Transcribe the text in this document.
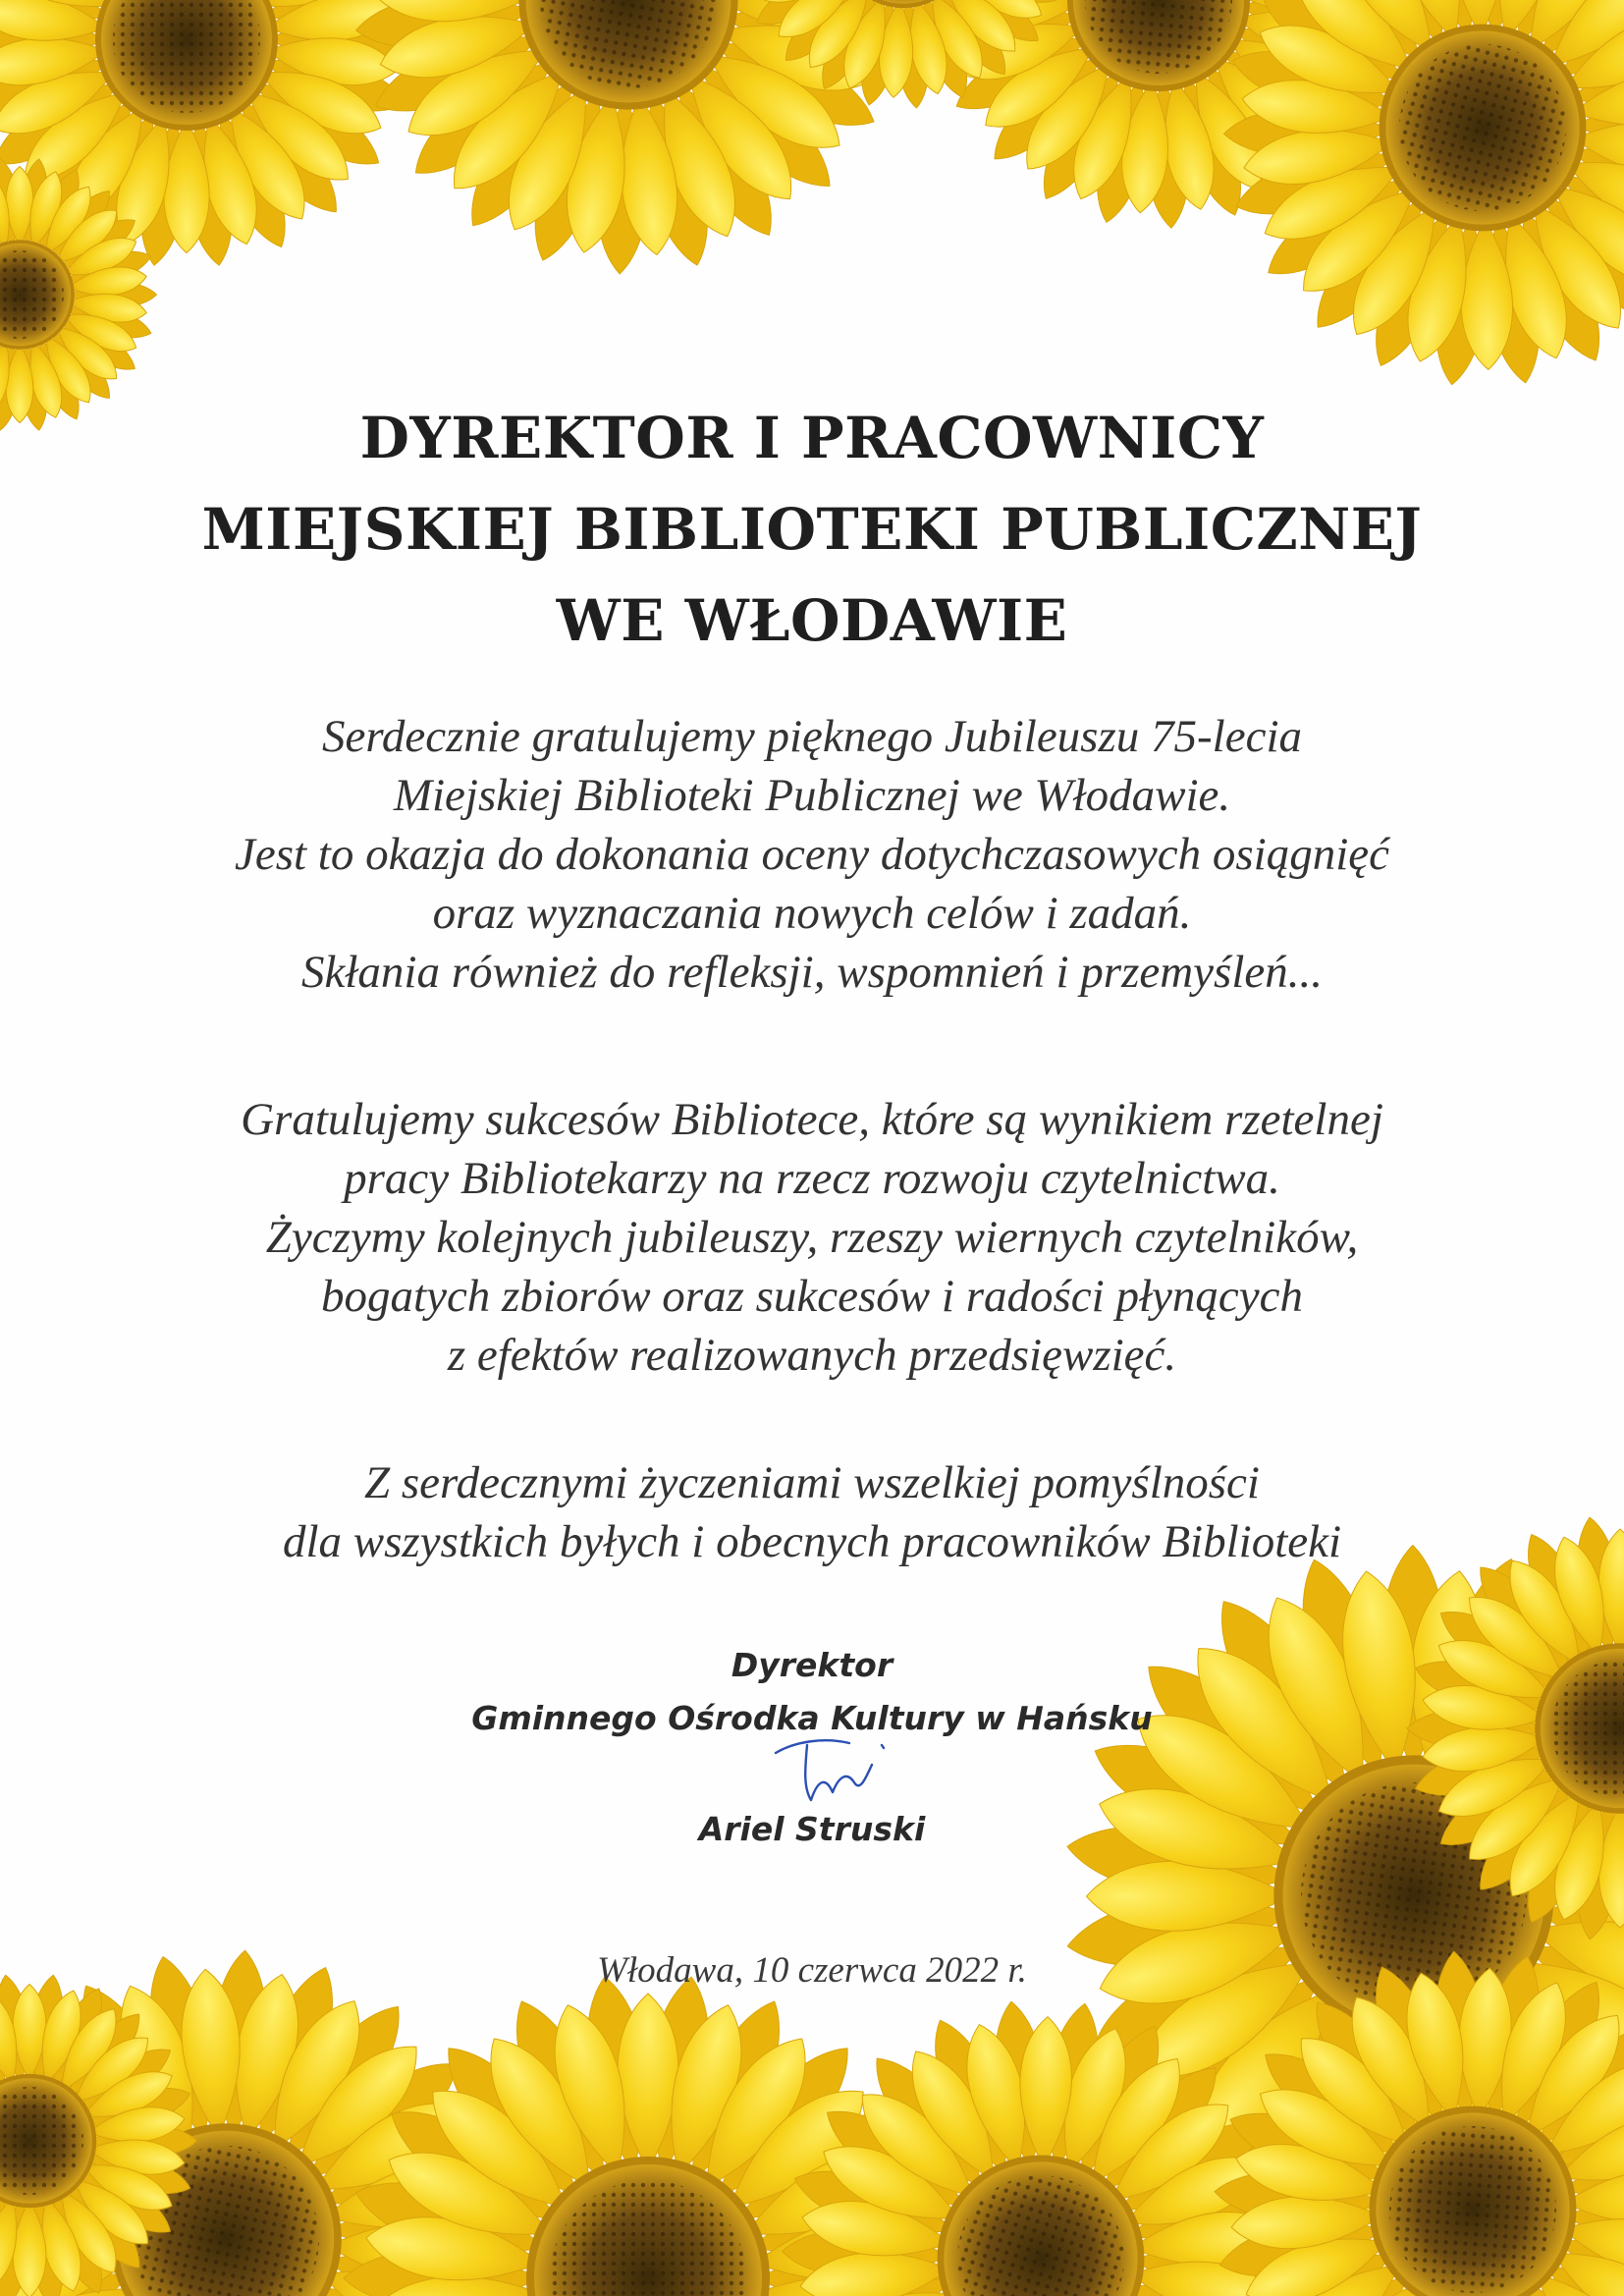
DYREKTOR I PRACOWNICY
MIEJSKIEJ BIBLIOTEKI PUBLICZNEJ
WE WŁODAWIE
Serdecznie gratulujemy pięknego Jubileuszu 75-lecia
Miejskiej Biblioteki Publicznej we Włodawie.
Jest to okazja do dokonania oceny dotychczasowych osiągnięć
oraz wyznaczania nowych celów i zadań.
Skłania również do refleksji, wspomnień i przemyśleń...
Gratulujemy sukcesów Bibliotece, które są wynikiem rzetelnej
pracy Bibliotekarzy na rzecz rozwoju czytelnictwa.
Życzymy kolejnych jubileuszy, rzeszy wiernych czytelników,
bogatych zbiorów oraz sukcesów i radości płynących
z efektów realizowanych przedsięwzięć.
Z serdecznymi życzeniami wszelkiej pomyślności
dla wszystkich byłych i obecnych pracowników Biblioteki
Dyrektor
Gminnego Ośrodka Kultury w Hańsku
Ariel Struski
Włodawa, 10 czerwca 2022 r.
